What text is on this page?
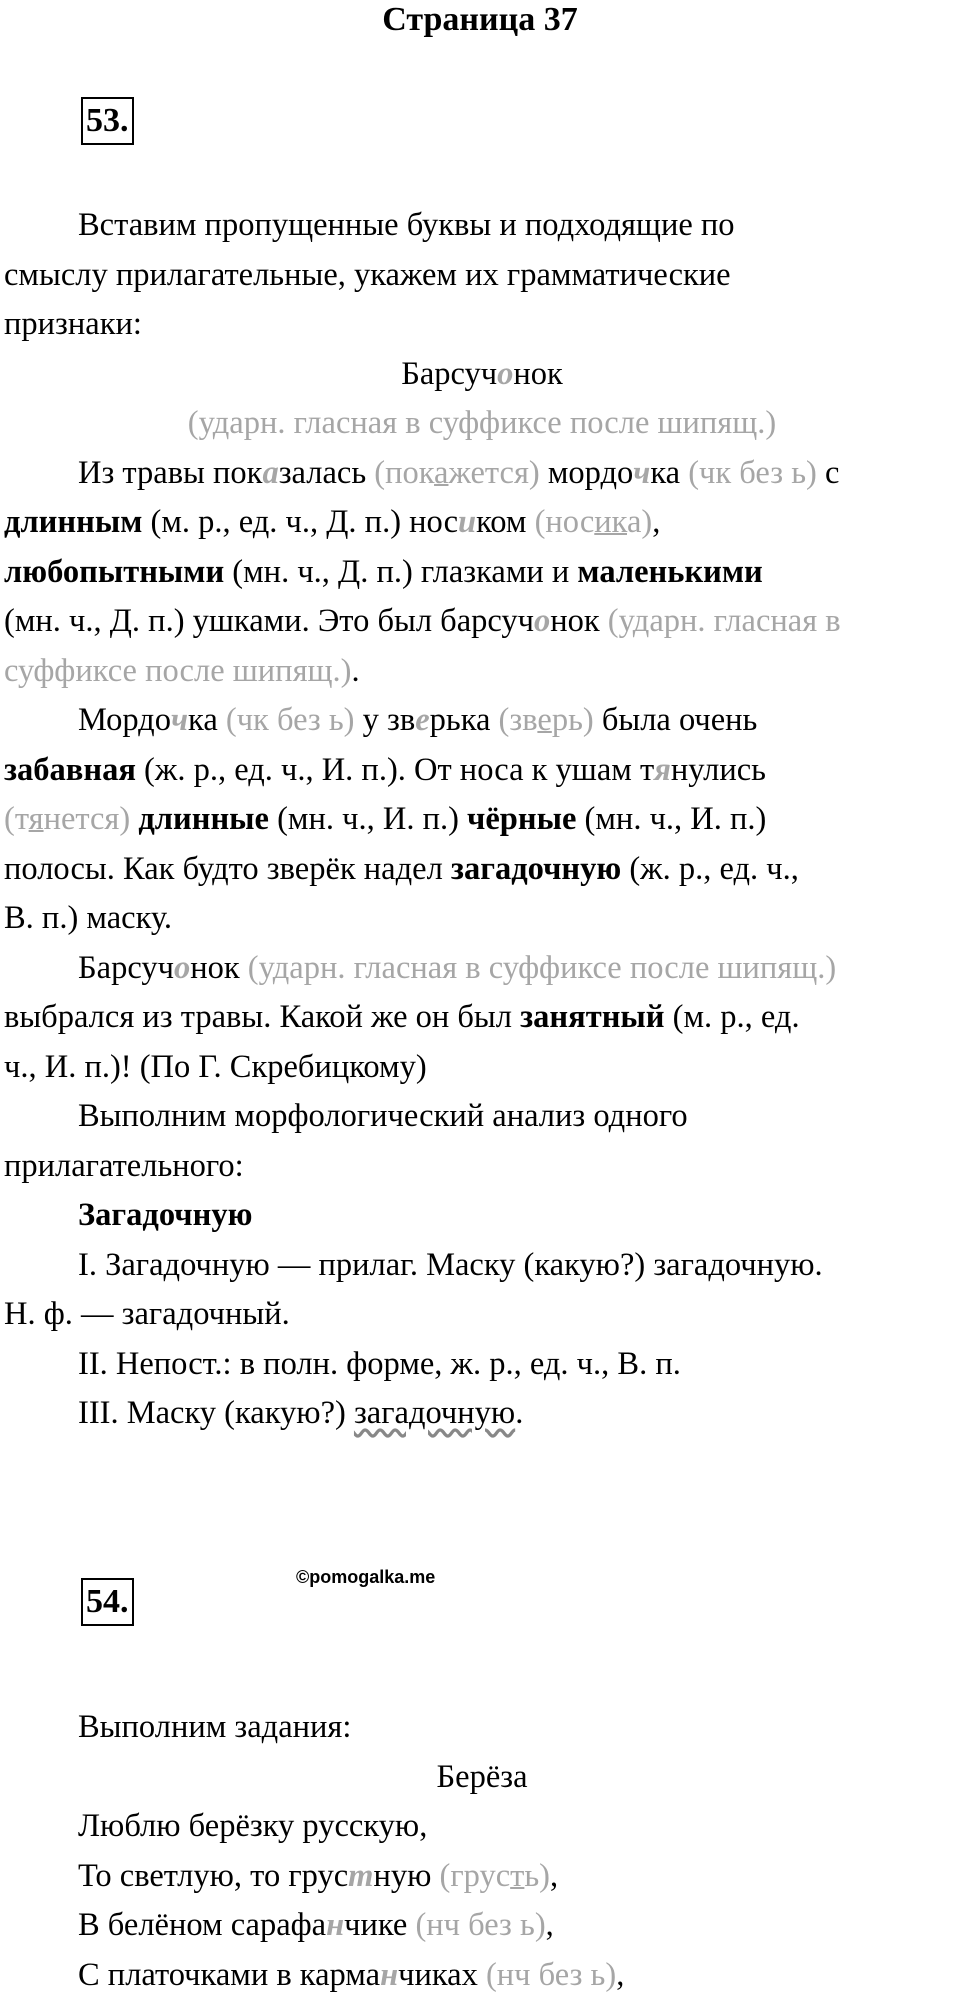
Страница 37
53.

Вставим пропущенные буквы и подходящие по

смыслу прилагательные, укажем их грамматические

признаки:

Барсучонок

(ударн. гласная в суффиксе после шипящ.)

Из травы показалась (покажется) мордочка (чк без ь) с
длинным (м. р., ед. ч., Д. п.) носиком (носика),
любопытными (мн. ч., Д. п.) глазками и маленькими
(мн. ч., Д. п.) ушками. Это был барсучонок (ударн. гласная в
суффиксе после шипящ.).

Мордочка (чк без ь) у зверька (зверь) была очень
забавная (ж. р., ед. ч., И. п.). От носа к ушам тянулись
(тянется) длинные (мн. ч., И. п.) чёрные (мн. ч., И. п.)
полосы. Как будто зверёк надел загадочную (ж. р., ед. ч.,
В. п.) маску.

Барсучонок (ударн. гласная в суффиксе после шипящ.)
выбрался из травы. Какой же он был занятный (м. р., ед.
ч., И. п.)! (По Г. Скребицкому)

Выполним морфологический анализ одного
прилагательного:

Загадочную

I. Загадочную — прилаг. Маску (какую?) загадочную.
Н. ф. — загадочный.

II. Непост.: в полн. форме, ж. р., ед. ч., В. п.

III. Маску (какую?) загадочную.

54.
©pomogalka.me

Выполним задания:

Берёза

Люблю берёзку русскую,

То светлую, то грустную (грусть),

В белёном сарафанчике (нч без ь),

С платочками в карманчиках (нч без ь),
